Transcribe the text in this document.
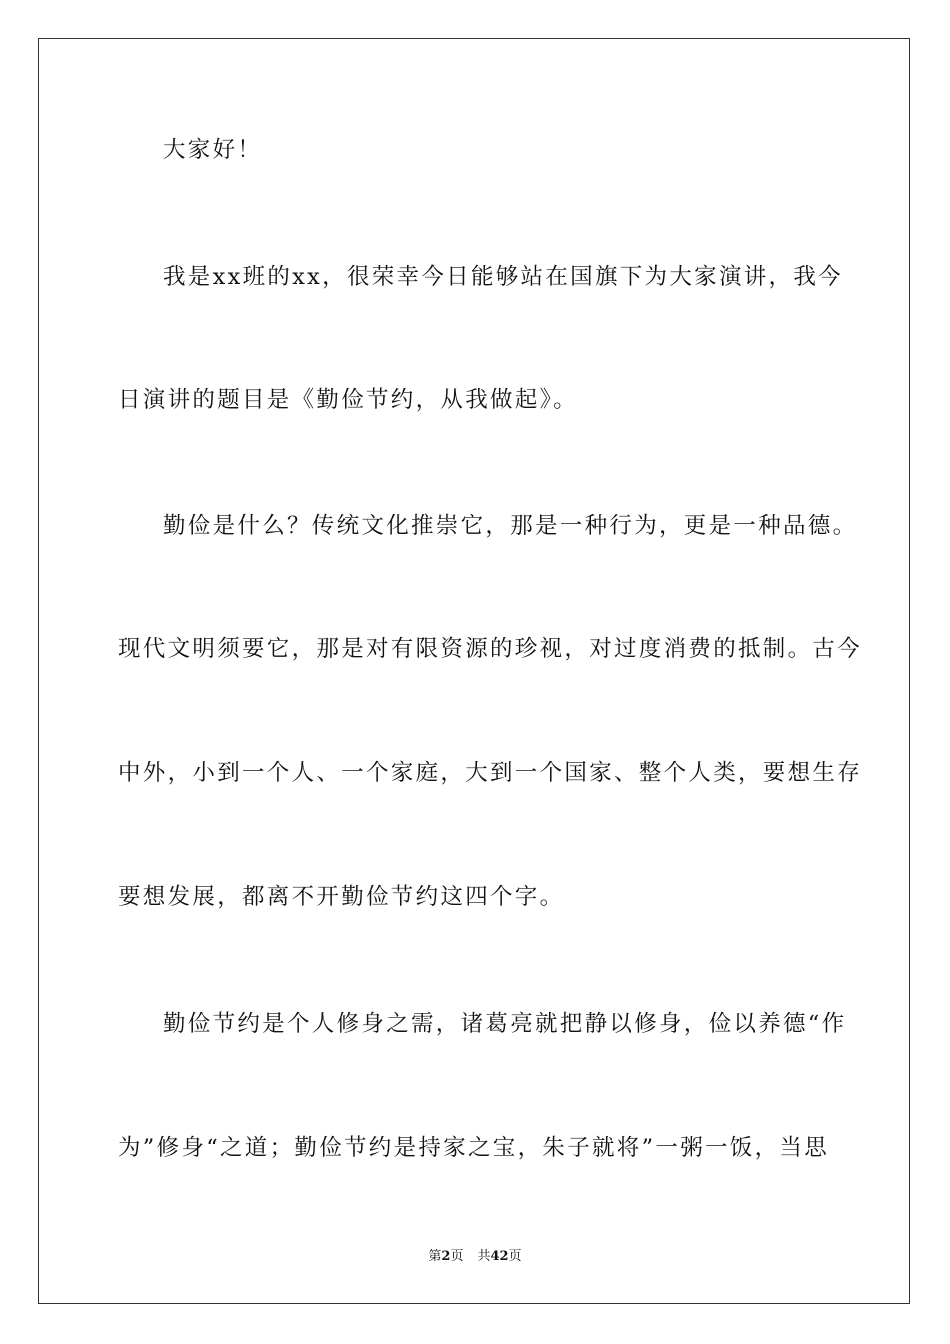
大家好！
我是xx班的xx，很荣幸今日能够站在国旗下为大家演讲，我今
日演讲的题目是《勤俭节约，从我做起》。
勤俭是什么？传统文化推崇它，那是一种行为，更是一种品德。
现代文明须要它，那是对有限资源的珍视，对过度消费的抵制。古今
中外，小到一个人、一个家庭，大到一个国家、整个人类，要想生存
要想发展，都离不开勤俭节约这四个字。
勤俭节约是个人修身之需，诸葛亮就把静以修身，俭以养德“作
为”修身“之道；勤俭节约是持家之宝，朱子就将”一粥一饭，当思
第2页 共42页
